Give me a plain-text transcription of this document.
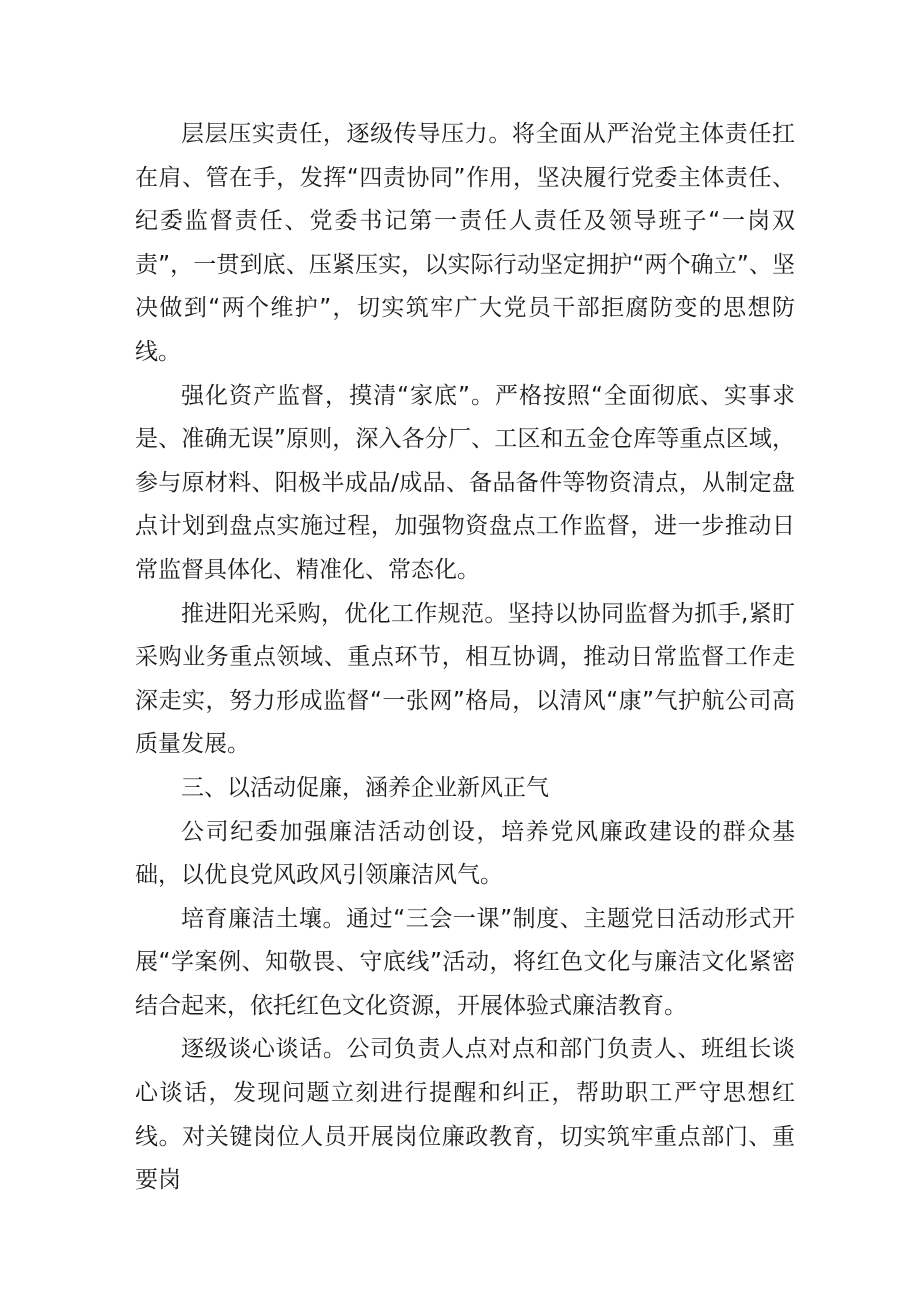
层层压实责任，逐级传导压力。将全面从严治党主体责任扛在肩、管在手，发挥“四责协同”作用，坚决履行党委主体责任、纪委监督责任、党委书记第一责任人责任及领导班子“一岗双责”，一贯到底、压紧压实，以实际行动坚定拥护“两个确立”、坚决做到“两个维护”，切实筑牢广大党员干部拒腐防变的思想防线。

强化资产监督，摸清“家底”。严格按照“全面彻底、实事求是、准确无误”原则，深入各分厂、工区和五金仓库等重点区域，参与原材料、阳极半成品/成品、备品备件等物资清点，从制定盘点计划到盘点实施过程，加强物资盘点工作监督，进一步推动日常监督具体化、精准化、常态化。

推进阳光采购，优化工作规范。坚持以协同监督为抓手,紧盯采购业务重点领域、重点环节，相互协调，推动日常监督工作走深走实，努力形成监督“一张网”格局，以清风“康”气护航公司高质量发展。

三、以活动促廉，涵养企业新风正气

公司纪委加强廉洁活动创设，培养党风廉政建设的群众基础，以优良党风政风引领廉洁风气。

培育廉洁土壤。通过“三会一课”制度、主题党日活动形式开展“学案例、知敬畏、守底线”活动，将红色文化与廉洁文化紧密结合起来，依托红色文化资源，开展体验式廉洁教育。

逐级谈心谈话。公司负责人点对点和部门负责人、班组长谈心谈话，发现问题立刻进行提醒和纠正，帮助职工严守思想红线。对关键岗位人员开展岗位廉政教育，切实筑牢重点部门、重要岗
